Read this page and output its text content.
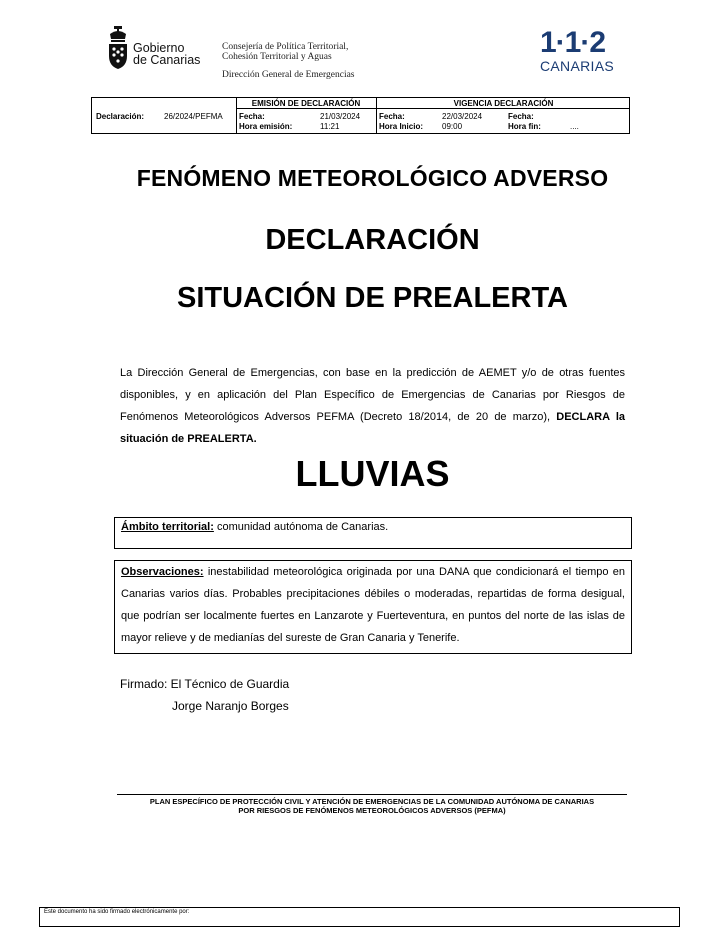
Gobierno
de Canarias
Consejería de Política Territorial,
Cohesión Territorial y Aguas
Dirección General de Emergencias
1·1·2
CANARIAS
Declaración: 26/2024/PEFMA
EMISIÓN DE DECLARACIÓN	VIGENCIA DECLARACIÓN
Fecha:	21/03/2024
Hora emisión:	11:21
Fecha:	22/03/2024
Hora Inicio: 09:00
Fecha:
Hora fin:	....
FENÓMENO METEOROLÓGICO ADVERSO
DECLARACIÓN
SITUACIÓN DE PREALERTA
La Dirección General de Emergencias, con base en la predicción de AEMET y/o de otras fuentes disponibles, y en aplicación del Plan Específico de Emergencias de Canarias por Riesgos de Fenómenos Meteorológicos Adversos PEFMA (Decreto 18/2014, de 20 de marzo), DECLARA la situación de PREALERTA.
LLUVIAS
Ámbito territorial: comunidad autónoma de Canarias.
Observaciones: inestabilidad meteorológica originada por una DANA que condicionará el tiempo en Canarias varios días. Probables precipitaciones débiles o moderadas, repartidas de forma desigual, que podrían ser localmente fuertes en Lanzarote y Fuerteventura, en puntos del norte de las islas de mayor relieve y de medianías del sureste de Gran Canaria y Tenerife.
Firmado: El Técnico de Guardia
Jorge Naranjo Borges
PLAN ESPECÍFICO DE PROTECCIÓN CIVIL Y ATENCIÓN DE EMERGENCIAS DE LA COMUNIDAD AUTÓNOMA DE CANARIAS
POR RIESGOS DE FENÓMENOS METEOROLÓGICOS ADVERSOS (PEFMA)
Este documento ha sido firmado electrónicamente por:
